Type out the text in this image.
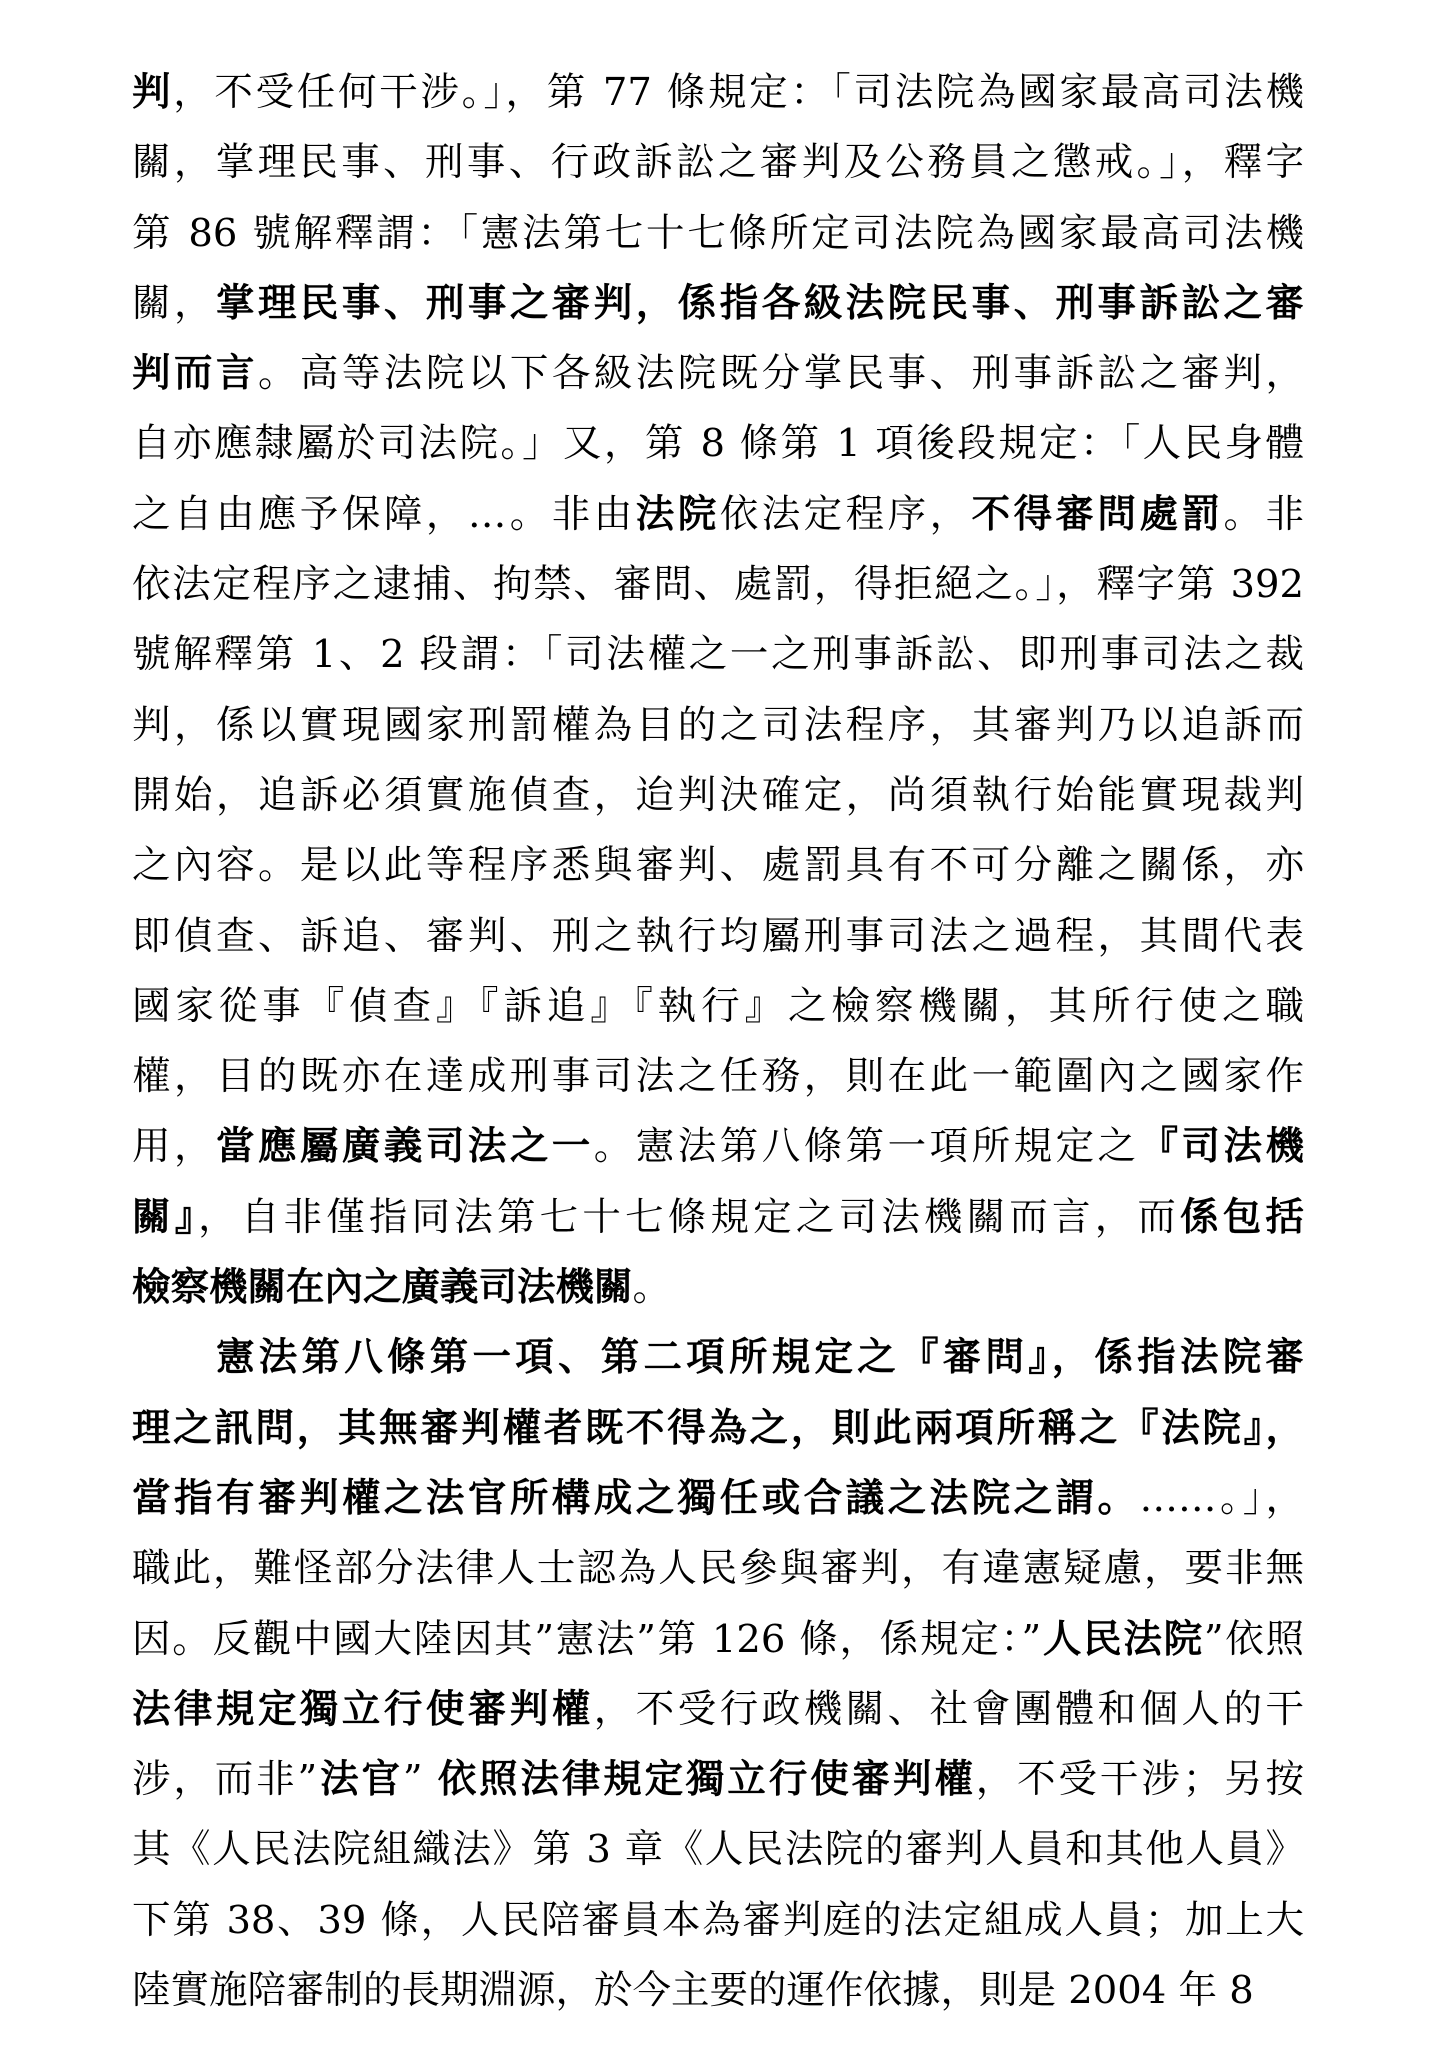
判，不受任何干涉。」，第 77 條規定：「司法院為國家最高司法機
關，掌理民事、刑事、行政訴訟之審判及公務員之懲戒。」，釋字
第 86 號解釋謂：「憲法第七十七條所定司法院為國家最高司法機
關，掌理民事、刑事之審判，係指各級法院民事、刑事訴訟之審
判而言。高等法院以下各級法院既分掌民事、刑事訴訟之審判，
自亦應隸屬於司法院。」又，第 8 條第 1 項後段規定：「人民身體
之自由應予保障，…。非由法院依法定程序，不得審問處罰。非
依法定程序之逮捕、拘禁、審問、處罰，得拒絕之。」，釋字第 392
號解釋第 1、2 段謂：「司法權之一之刑事訴訟、即刑事司法之裁
判，係以實現國家刑罰權為目的之司法程序，其審判乃以追訴而
開始，追訴必須實施偵查，迨判決確定，尚須執行始能實現裁判
之內容。是以此等程序悉與審判、處罰具有不可分離之關係，亦
即偵查、訴追、審判、刑之執行均屬刑事司法之過程，其間代表
國家從事『偵查』『訴追』『執行』之檢察機關，其所行使之職
權，目的既亦在達成刑事司法之任務，則在此一範圍內之國家作
用，當應屬廣義司法之一。憲法第八條第一項所規定之『司法機
關』，自非僅指同法第七十七條規定之司法機關而言，而係包括
檢察機關在內之廣義司法機關。
憲法第八條第一項、第二項所規定之『審問』，係指法院審
理之訊問，其無審判權者既不得為之，則此兩項所稱之『法院』，
當指有審判權之法官所構成之獨任或合議之法院之謂。……。」，
職此，難怪部分法律人士認為人民參與審判，有違憲疑慮，要非無
因。反觀中國大陸因其”憲法”第 126 條，係規定：”人民法院”依照
法律規定獨立行使審判權，不受行政機關、社會團體和個人的干
涉，而非”法官” 依照法律規定獨立行使審判權，不受干涉；另按
其《人民法院組織法》第 3 章《人民法院的審判人員和其他人員》
下第 38、39 條，人民陪審員本為審判庭的法定組成人員；加上大
陸實施陪審制的長期淵源，於今主要的運作依據，則是 2004 年 8
